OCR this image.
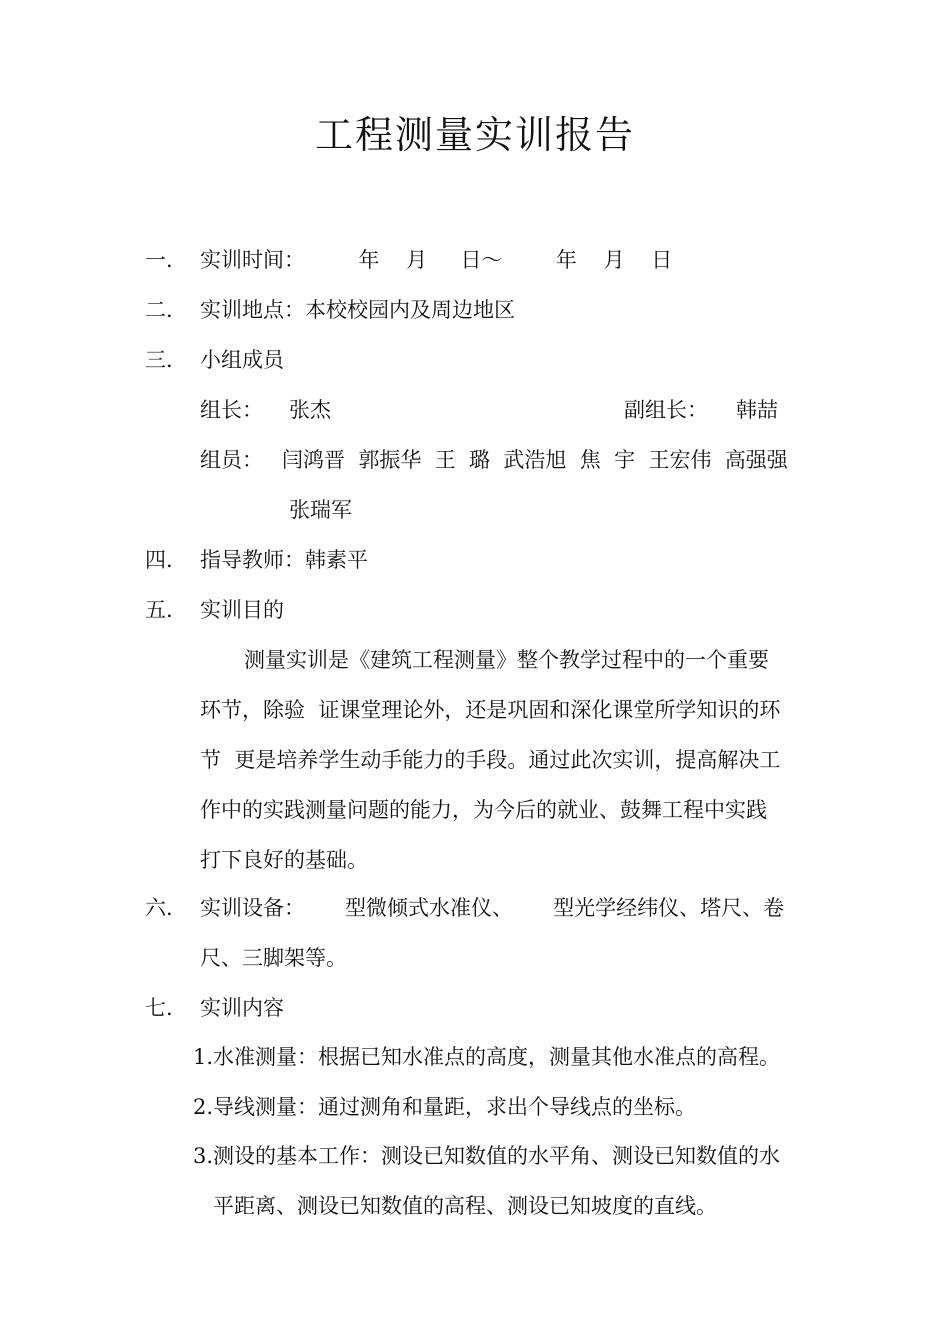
工程测量实训报告
一. 实训时间：        年    月     日～        年    月    日
二. 实训地点：本校校园内及周边地区
三. 小组成员
组长： 张杰	副组长： 韩喆
组员： 闫鸿晋  郭振华  王  璐  武浩旭  焦  宇  王宏伟  高强强
张瑞军
四. 指导教师：韩素平
五. 实训目的
测量实训是《建筑工程测量》整个教学过程中的一个重要
环节，除验  证课堂理论外，还是巩固和深化课堂所学知识的环
节  更是培养学生动手能力的手段。通过此次实训，提高解决工
作中的实践测量问题的能力，为今后的就业、鼓舞工程中实践
打下良好的基础。
六. 实训设备：      型微倾式水准仪、      型光学经纬仪、塔尺、卷
尺、三脚架等。
七. 实训内容
1.水准测量：根据已知水准点的高度，测量其他水准点的高程。
2.导线测量：通过测角和量距，求出个导线点的坐标。
3.测设的基本工作：测设已知数值的水平角、测设已知数值的水
平距离、测设已知数值的高程、测设已知坡度的直线。
